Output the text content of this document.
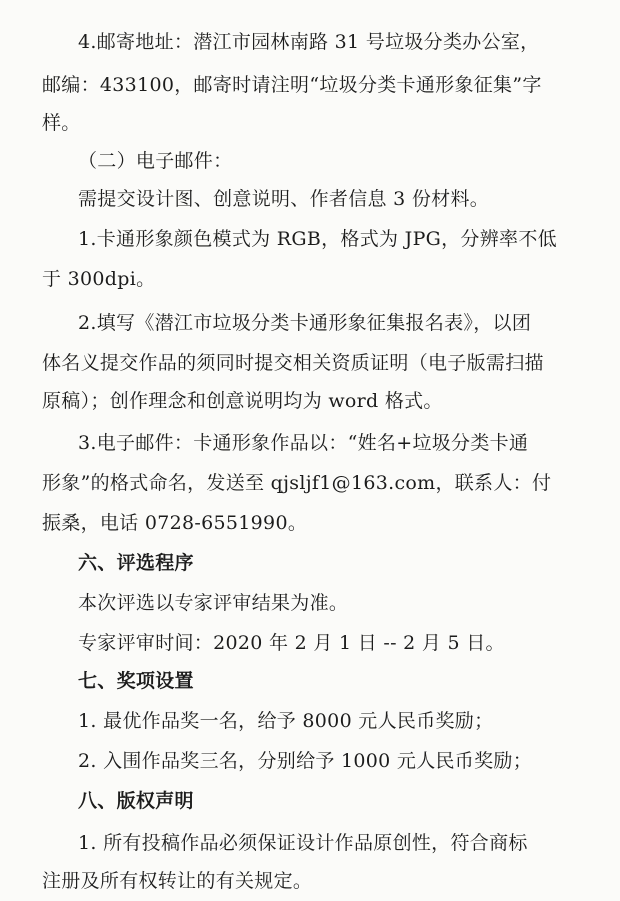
4.邮寄地址：潜江市园林南路 31 号垃圾分类办公室，
邮编：433100，邮寄时请注明“垃圾分类卡通形象征集”字
样。
（二）电子邮件：
需提交设计图、创意说明、作者信息 3 份材料。
1.卡通形象颜色模式为 RGB，格式为 JPG，分辨率不低
于 300dpi。
2.填写《潜江市垃圾分类卡通形象征集报名表》，以团
体名义提交作品的须同时提交相关资质证明（电子版需扫描
原稿）；创作理念和创意说明均为 word 格式。
3.电子邮件：卡通形象作品以：“姓名+垃圾分类卡通
形象”的格式命名，发送至 qjsljf1@163.com，联系人：付
振桑，电话 0728-6551990。
六、评选程序
本次评选以专家评审结果为准。
专家评审时间：2020 年 2 月 1 日 -- 2 月 5 日。
七、奖项设置
1. 最优作品奖一名，给予 8000 元人民币奖励；
2. 入围作品奖三名，分别给予 1000 元人民币奖励；
八、版权声明
1. 所有投稿作品必须保证设计作品原创性，符合商标
注册及所有权转让的有关规定。
